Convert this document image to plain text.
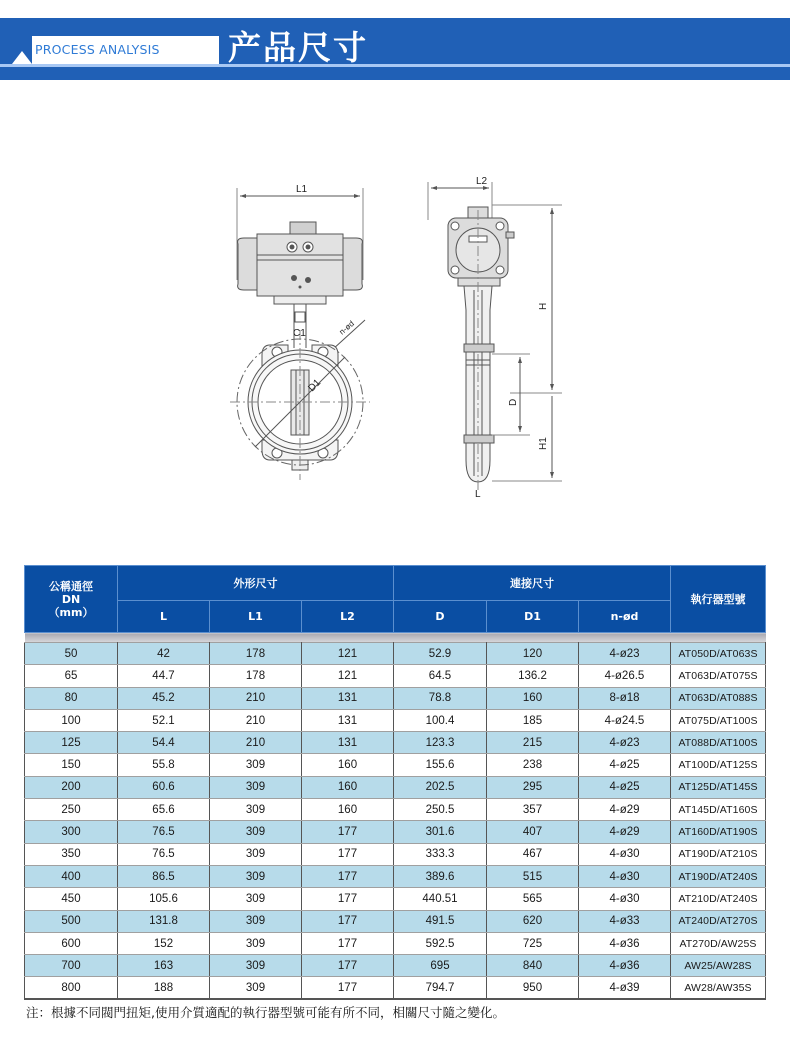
PROCESS ANALYSIS 产品尺寸
L1
C1	n-ød
D1
L2
H
D
H1
L
公稱通徑
DN
（mm）	外形尺寸			連接尺寸			執行器型號
	L	L1	L2	D	D1	n-ød	

50	42	178	121	52.9	120	4-ø23	AT050D/AT063S
65	44.7	178	121	64.5	136.2	4-ø26.5	AT063D/AT075S
80	45.2	210	131	78.8	160	8-ø18	AT063D/AT088S
100	52.1	210	131	100.4	185	4-ø24.5	AT075D/AT100S
125	54.4	210	131	123.3	215	4-ø23	AT088D/AT100S
150	55.8	309	160	155.6	238	4-ø25	AT100D/AT125S
200	60.6	309	160	202.5	295	4-ø25	AT125D/AT145S
250	65.6	309	160	250.5	357	4-ø29	AT145D/AT160S
300	76.5	309	177	301.6	407	4-ø29	AT160D/AT190S
350	76.5	309	177	333.3	467	4-ø30	AT190D/AT210S
400	86.5	309	177	389.6	515	4-ø30	AT190D/AT240S
450	105.6	309	177	440.51	565	4-ø30	AT210D/AT240S
500	131.8	309	177	491.5	620	4-ø33	AT240D/AT270S
600	152	309	177	592.5	725	4-ø36	AT270D/AW25S
700	163	309	177	695	840	4-ø36	AW25/AW28S
800	188	309	177	794.7	950	4-ø39	AW28/AW35S
注：根據不同閥門扭矩,使用介質適配的執行器型號可能有所不同，相關尺寸隨之變化。
